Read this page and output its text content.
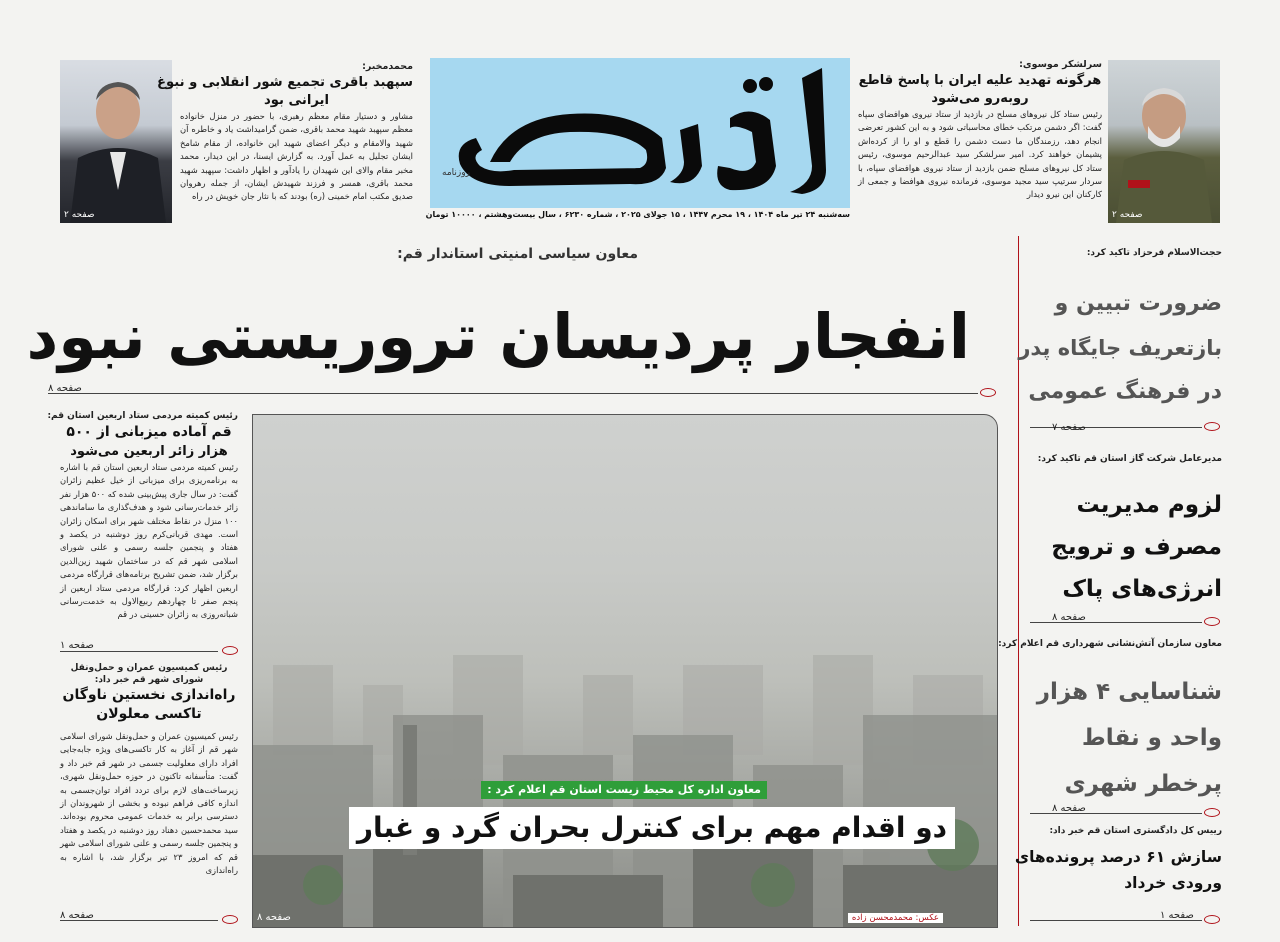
صفحه ۲
محمدمخبر:
سپهبد باقری تجمیع شور انقلابی و نبوغ
ایرانی بود
مشاور و دستیار مقام معظم رهبری، با حضور در منزل خانواده معظم سپهبد شهید محمد باقری، ضمن گرامیداشت یاد و خاطره آن شهید والامقام و دیگر اعضای شهید این خانواده، از مقام شامخ ایشان تجلیل به عمل آورد. به گزارش ایسنا، در این دیدار، محمد مخبر مقام والای این شهیدان را یادآور و اظهار داشت: سپهبد شهید محمد باقری، همسر و فرزند شهیدش ایشان، از جمله رهروان صدیق مکتب امام خمینی (ره) بودند که با نثار جان خویش در راه
روزنامه
سه‌شنبه ۲۴ تیر ماه ۱۴۰۴ ، ۱۹ محرم ۱۴۴۷ ، ۱۵ جولای ۲۰۲۵ ، شماره ۶۲۳۰ ، سال بیست‌وهشتم ، ۱۰۰۰۰ تومان
سرلشکر موسوی:
هرگونه تهدید علیه ایران با پاسخ قاطع
روبه‌رو می‌شود
رئیس ستاد کل نیروهای مسلح در بازدید از ستاد نیروی هوافضای سپاه گفت: اگر دشمن مرتکب خطای محاسباتی شود و به این کشور تعرضی انجام دهد، رزمندگان ما دست دشمن را قطع و او را از کرده‌اش پشیمان خواهند کرد. امیر سرلشکر سید عبدالرحیم موسوی، رئیس ستاد کل نیروهای مسلح ضمن بازدید از ستاد نیروی هوافضای سپاه، با سردار سرتیپ سید مجید موسوی، فرمانده نیروی هوافضا و جمعی از کارکنان این نیرو دیدار
صفحه ۲
معاون سیاسی امنیتی استاندار قم:
انفجار پردیسان تروریستی نبود
صفحه ۸
معاون اداره کل محیط زیست استان قم اعلام کرد :
دو اقدام مهم برای کنترل بحران گرد و غبار
عکس: محمدمحسن زاده
صفحه ۸
رئیس کمیته مردمی ستاد اربعین استان قم:
قم آماده میزبانی از ۵۰۰
هزار زائر اربعین می‌شود
رئیس کمیته مردمی ستاد اربعین استان قم با اشاره به برنامه‌ریزی برای میزبانی از خیل عظیم زائران گفت: در سال جاری پیش‌بینی شده که ۵۰۰ هزار نفر زائر خدمات‌رسانی شود و هدف‌گذاری ما ساماندهی ۱۰۰ منزل در نقاط مختلف شهر برای اسکان زائران است. مهدی قربانی‌کرم روز دوشنبه در یکصد و هفتاد و پنجمین جلسه رسمی و علنی شورای اسلامی شهر قم که در ساختمان شهید زین‌الدین برگزار شد، ضمن تشریح برنامه‌های قرارگاه مردمی اربعین اظهار کرد: قرارگاه مردمی ستاد اربعین از پنجم صفر تا چهاردهم ربیع‌الاول به خدمت‌رسانی شبانه‌روزی به زائران حسینی در قم
صفحه ۱
رئیس کمیسیون عمران و حمل‌ونقل شورای شهر قم خبر داد:
راه‌اندازی نخستین ناوگان
تاکسی معلولان
رئیس کمیسیون عمران و حمل‌ونقل شورای اسلامی شهر قم از آغاز به کار تاکسی‌های ویژه جابه‌جایی افراد دارای معلولیت جسمی در شهر قم خبر داد و گفت: متأسفانه تاکنون در حوزه حمل‌ونقل شهری، زیرساخت‌های لازم برای تردد افراد توان‌جسمی به اندازه کافی فراهم نبوده و بخشی از شهروندان از دسترسی برابر به خدمات عمومی محروم بوده‌اند. سید محمدحسین دهناد روز دوشنبه در یکصد و هفتاد و پنجمین جلسه رسمی و علنی شورای اسلامی شهر قم که امروز ۲۳ تیر برگزار شد، با اشاره به راه‌اندازی
صفحه ۸
حجت‌الاسلام فرحزاد تاکید کرد:
ضرورت تبیین و
بازتعریف جایگاه پدر
در فرهنگ عمومی
صفحه ۷
مدیرعامل شرکت گاز استان قم تاکید کرد:
لزوم مدیریت
مصرف و ترویج
انرژی‌های پاک
صفحه ۸
معاون سازمان آتش‌نشانی شهرداری قم اعلام کرد:
شناسایی ۴ هزار
واحد و نقاط
پرخطر شهری
صفحه ۸
رییس کل دادگستری استان قم خبر داد:
سازش ۶۱ درصد پرونده‌های
ورودی خرداد
صفحه ۱
